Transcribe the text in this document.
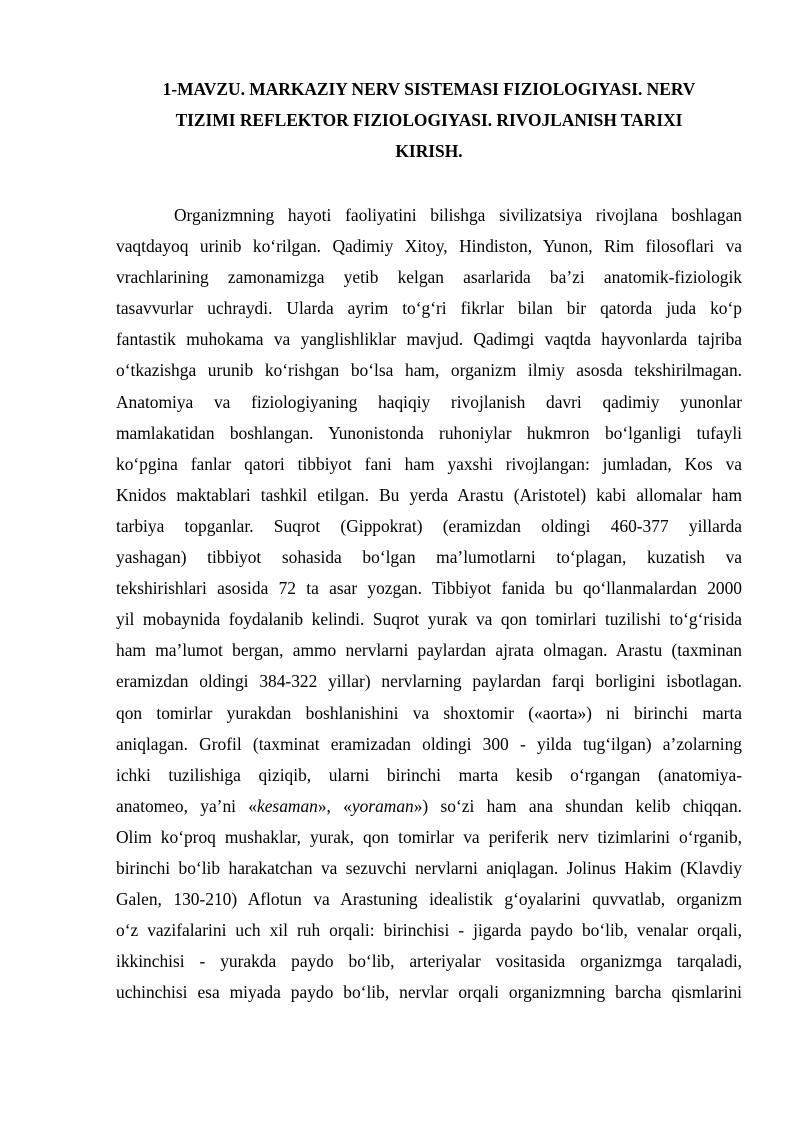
1-MAVZU. MARKAZIY NERV SISTEMASI FIZIOLOGIYASI. NERV
TIZIMI REFLEKTOR FIZIOLOGIYASI. RIVOJLANISH TARIXI
KIRISH.
Organizmning hayoti faoliyatini bilishga sivilizatsiya rivojlana boshlagan
vaqtdayoq urinib ko‘rilgan. Qadimiy Xitoy, Hindiston, Yunon, Rim filosoflari va
vrachlarining zamonamizga yetib kelgan asarlarida ba’zi anatomik-fiziologik
tasavvurlar uchraydi. Ularda ayrim to‘g‘ri fikrlar bilan bir qatorda juda ko‘p
fantastik muhokama va yanglishliklar mavjud. Qadimgi vaqtda hayvonlarda tajriba
o‘tkazishga urunib ko‘rishgan bo‘lsa ham, organizm ilmiy asosda tekshirilmagan.
Anatomiya va fiziologiyaning haqiqiy rivojlanish davri qadimiy yunonlar
mamlakatidan boshlangan. Yunonistonda ruhoniylar hukmron bo‘lganligi tufayli
ko‘pgina fanlar qatori tibbiyot fani ham yaxshi rivojlangan: jumladan, Kos va
Knidos maktablari tashkil etilgan. Bu yerda Arastu (Aristotel) kabi allomalar ham
tarbiya topganlar. Suqrot (Gippokrat) (eramizdan oldingi 460-377 yillarda
yashagan) tibbiyot sohasida bo‘lgan ma’lumotlarni to‘plagan, kuzatish va
tekshirishlari asosida 72 ta asar yozgan. Tibbiyot fanida bu qo‘llanmalardan 2000
yil mobaynida foydalanib kelindi. Suqrot yurak va qon tomirlari tuzilishi to‘g‘risida
ham ma’lumot bergan, ammo nervlarni paylardan ajrata olmagan. Arastu (taxminan
eramizdan oldingi 384-322 yillar) nervlarning paylardan farqi borligini isbotlagan.
qon tomirlar yurakdan boshlanishini va shoxtomir («aorta») ni birinchi marta
aniqlagan. Grofil (taxminat eramizadan oldingi 300 - yilda tug‘ilgan) a’zolarning
ichki tuzilishiga qiziqib, ularni birinchi marta kesib o‘rgangan (anatomiya-
anatomeo, ya’ni «kesaman», «yoraman») so‘zi ham ana shundan kelib chiqqan.
Olim ko‘proq mushaklar, yurak, qon tomirlar va periferik nerv tizimlarini o‘rganib,
birinchi bo‘lib harakatchan va sezuvchi nervlarni aniqlagan. Jolinus Hakim (Klavdiy
Galen, 130-210) Aflotun va Arastuning idealistik g‘oyalarini quvvatlab, organizm
o‘z vazifalarini uch xil ruh orqali: birinchisi - jigarda paydo bo‘lib, venalar orqali,
ikkinchisi - yurakda paydo bo‘lib, arteriyalar vositasida organizmga tarqaladi,
uchinchisi esa miyada paydo bo‘lib, nervlar orqali organizmning barcha qismlarini
